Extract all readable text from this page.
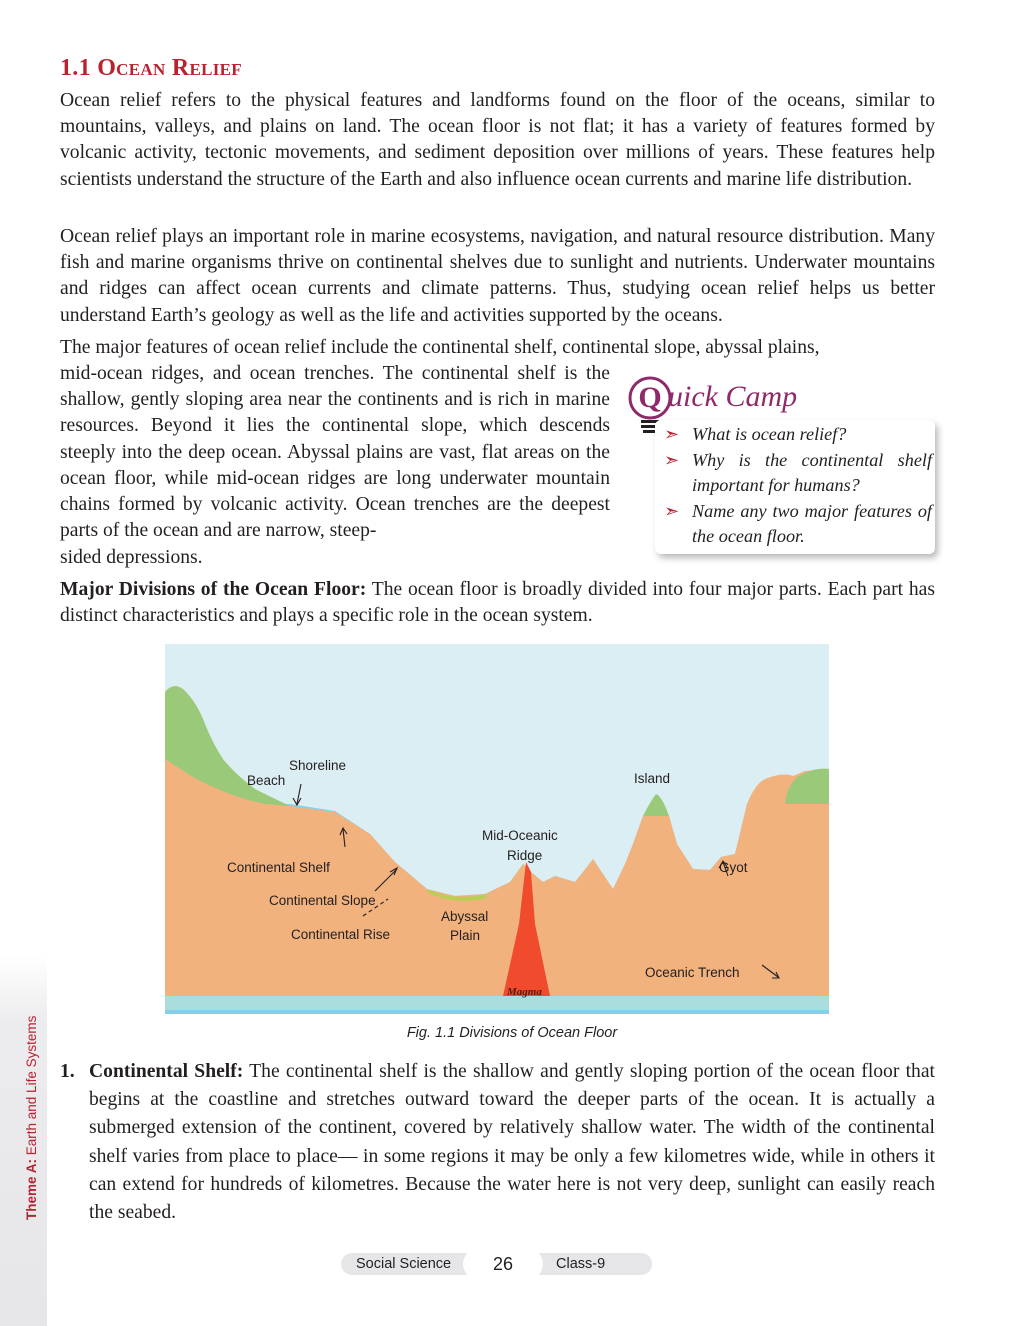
Theme A: Earth and Life Systems
1.1 Ocean Relief

Ocean relief refers to the physical features and landforms found on the floor of the oceans, similar to mountains, valleys, and plains on land. The ocean floor is not flat; it has a variety of features formed by volcanic activity, tectonic movements, and sediment deposition over millions of years. These features help scientists understand the structure of the Earth and also influence ocean currents and marine life distribution.

Ocean relief plays an important role in marine ecosystems, navigation, and natural resource distribution. Many fish and marine organisms thrive on continental shelves due to sunlight and nutrients. Underwater mountains and ridges can affect ocean currents and climate patterns. Thus, studying ocean relief helps us better understand Earth’s geology as well as the life and activities supported by the oceans.

The major features of ocean relief include the continental shelf, continental slope, abyssal plains,

mid-ocean ridges, and ocean trenches. The continental shelf is the shallow, gently sloping area near the continents and is rich in marine resources. Beyond it lies the continental slope, which descends steeply into the deep ocean. Abyssal plains are vast, flat areas on the ocean floor, while mid-ocean ridges are long underwater mountain chains formed by volcanic activity. Ocean trenches are the deepest parts of the ocean and are narrow, steep-

sided depressions.

Major Divisions of the Ocean Floor: The ocean floor is broadly divided into four major parts. Each part has distinct characteristics and plays a specific role in the ocean system.

Q uick Camp
➣ What is ocean relief?
➣ Why is the continental shelf important for humans?
➣ Name any two major features of the ocean floor.
Shoreline
Beach	Island
Mid-Oceanic
Ridge
Continental Shelf	Gyot
Continental Slope
Abyssal
Plain
Continental Rise
Oceanic Trench
Magma

Fig. 1.1 Divisions of Ocean Floor

1. Continental Shelf: The continental shelf is the shallow and gently sloping portion of the ocean floor that begins at the coastline and stretches outward toward the deeper parts of the ocean. It is actually a submerged extension of the continent, covered by relatively shallow water. The width of the continental shelf varies from place to place— in some regions it may be only a few kilometres wide, while in others it can extend for hundreds of kilometres. Because the water here is not very deep, sunlight can easily reach the seabed.

Social Science	26	Class-9
